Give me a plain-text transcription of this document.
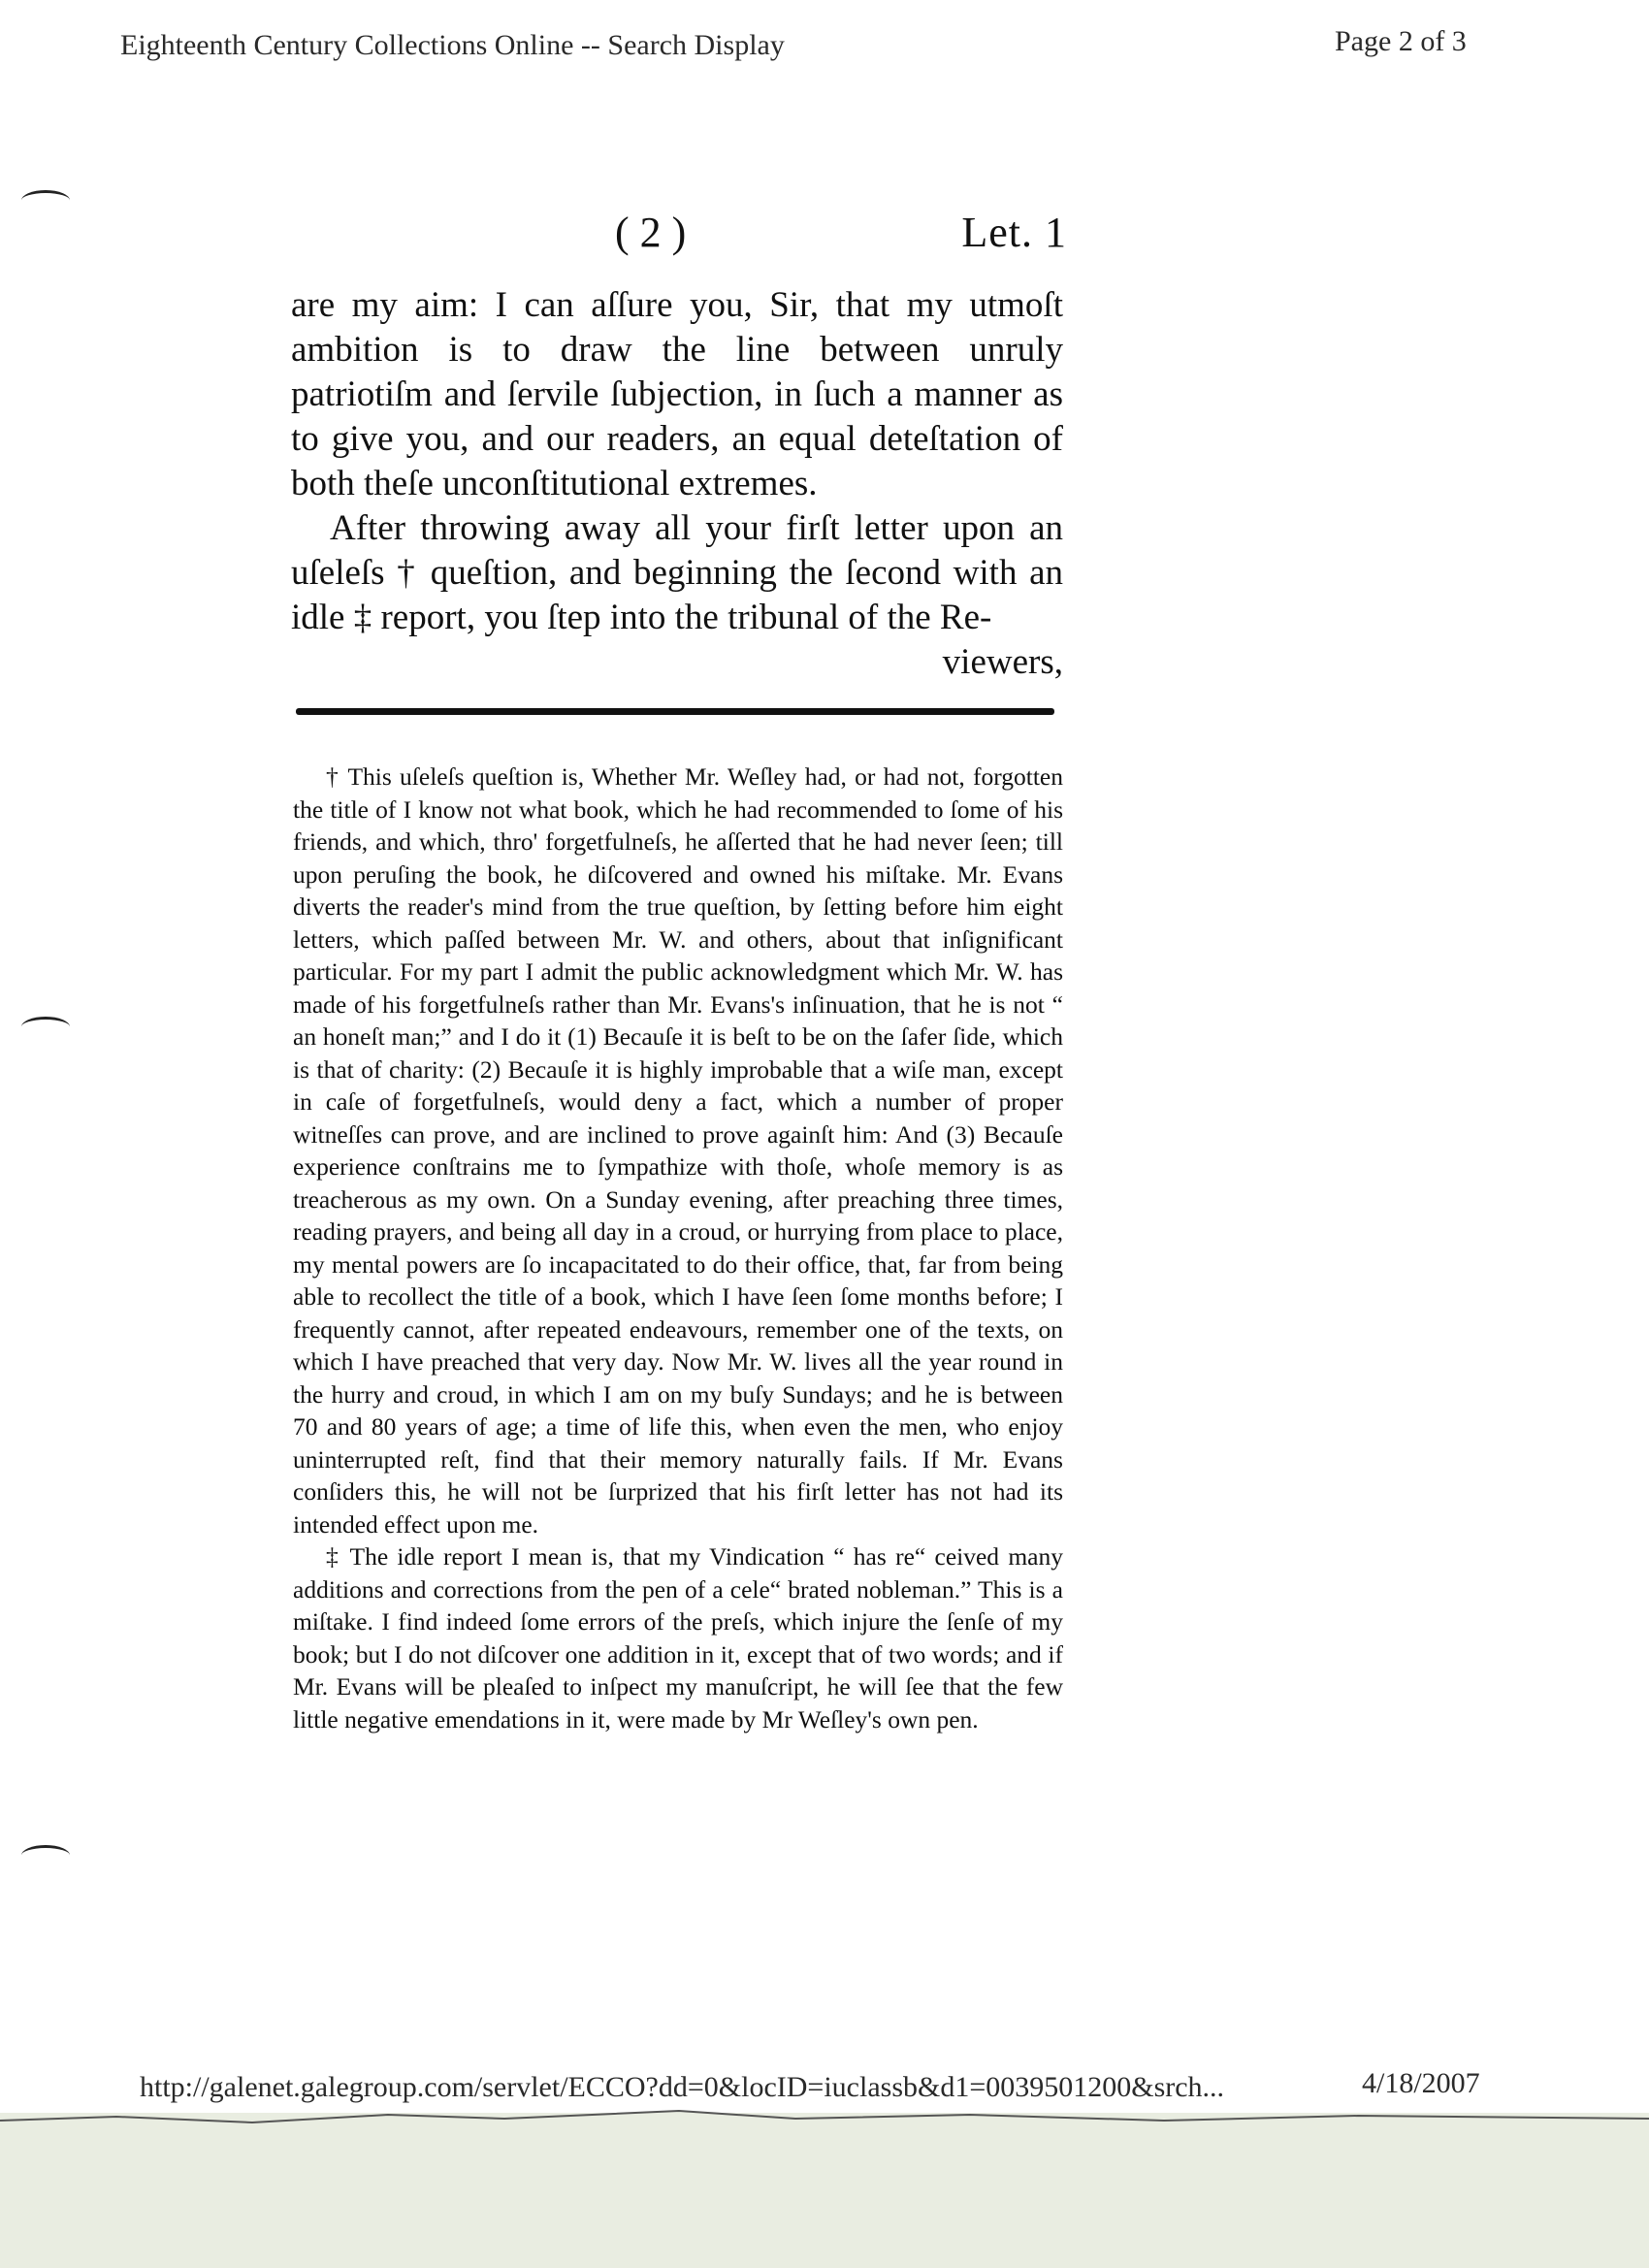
Eighteenth Century Collections Online -- Search Display	Page 2 of 3
( 2 )	Let. 1

are my aim: I can aſſure you, Sir, that my utmoſt ambition is to draw the line between unruly patriotiſm and ſervile ſubjection, in ſuch a manner as to give you, and our readers, an equal deteſtation of both theſe unconſtitutional extremes.

After throwing away all your firſt letter upon an uſeleſs † queſtion, and beginning the ſecond with an idle ‡ report, you ſtep into the tribunal of the Re-

viewers,

† This uſeleſs queſtion is, Whether Mr. Weſley had, or had not, forgotten the title of I know not what book, which he had recommended to ſome of his friends, and which, thro' forgetfulneſs, he aſſerted that he had never ſeen; till upon peruſing the book, he diſcovered and owned his miſtake. Mr. Evans diverts the reader's mind from the true queſtion, by ſetting before him eight letters, which paſſed between Mr. W. and others, about that inſignificant particular. For my part I admit the public acknowledgment which Mr. W. has made of his forgetfulneſs rather than Mr. Evans's inſinuation, that he is not “ an honeſt man;” and I do it (1) Becauſe it is beſt to be on the ſafer ſide, which is that of charity: (2) Becauſe it is highly improbable that a wiſe man, except in caſe of forgetfulneſs, would deny a fact, which a number of proper witneſſes can prove, and are inclined to prove againſt him: And (3) Becauſe experience conſtrains me to ſympathize with thoſe, whoſe memory is as treacherous as my own. On a Sunday evening, after preaching three times, reading prayers, and being all day in a croud, or hurrying from place to place, my mental powers are ſo incapacitated to do their office, that, far from being able to recollect the title of a book, which I have ſeen ſome months before; I frequently cannot, after repeated endeavours, remember one of the texts, on which I have preached that very day. Now Mr. W. lives all the year round in the hurry and croud, in which I am on my buſy Sundays; and he is between 70 and 80 years of age; a time of life this, when even the men, who enjoy uninterrupted reſt, find that their memory naturally fails. If Mr. Evans conſiders this, he will not be ſurprized that his firſt letter has not had its intended effect upon me.

‡ The idle report I mean is, that my Vindication “ has re“ ceived many additions and corrections from the pen of a cele“ brated nobleman.” This is a miſtake. I find indeed ſome errors of the preſs, which injure the ſenſe of my book; but I do not diſcover one addition in it, except that of two words; and if Mr. Evans will be pleaſed to inſpect my manuſcript, he will ſee that the few little negative emendations in it, were made by Mr Weſley's own pen.

http://galenet.galegroup.com/servlet/ECCO?dd=0&locID=iuclassb&d1=0039501200&srch...	4/18/2007
